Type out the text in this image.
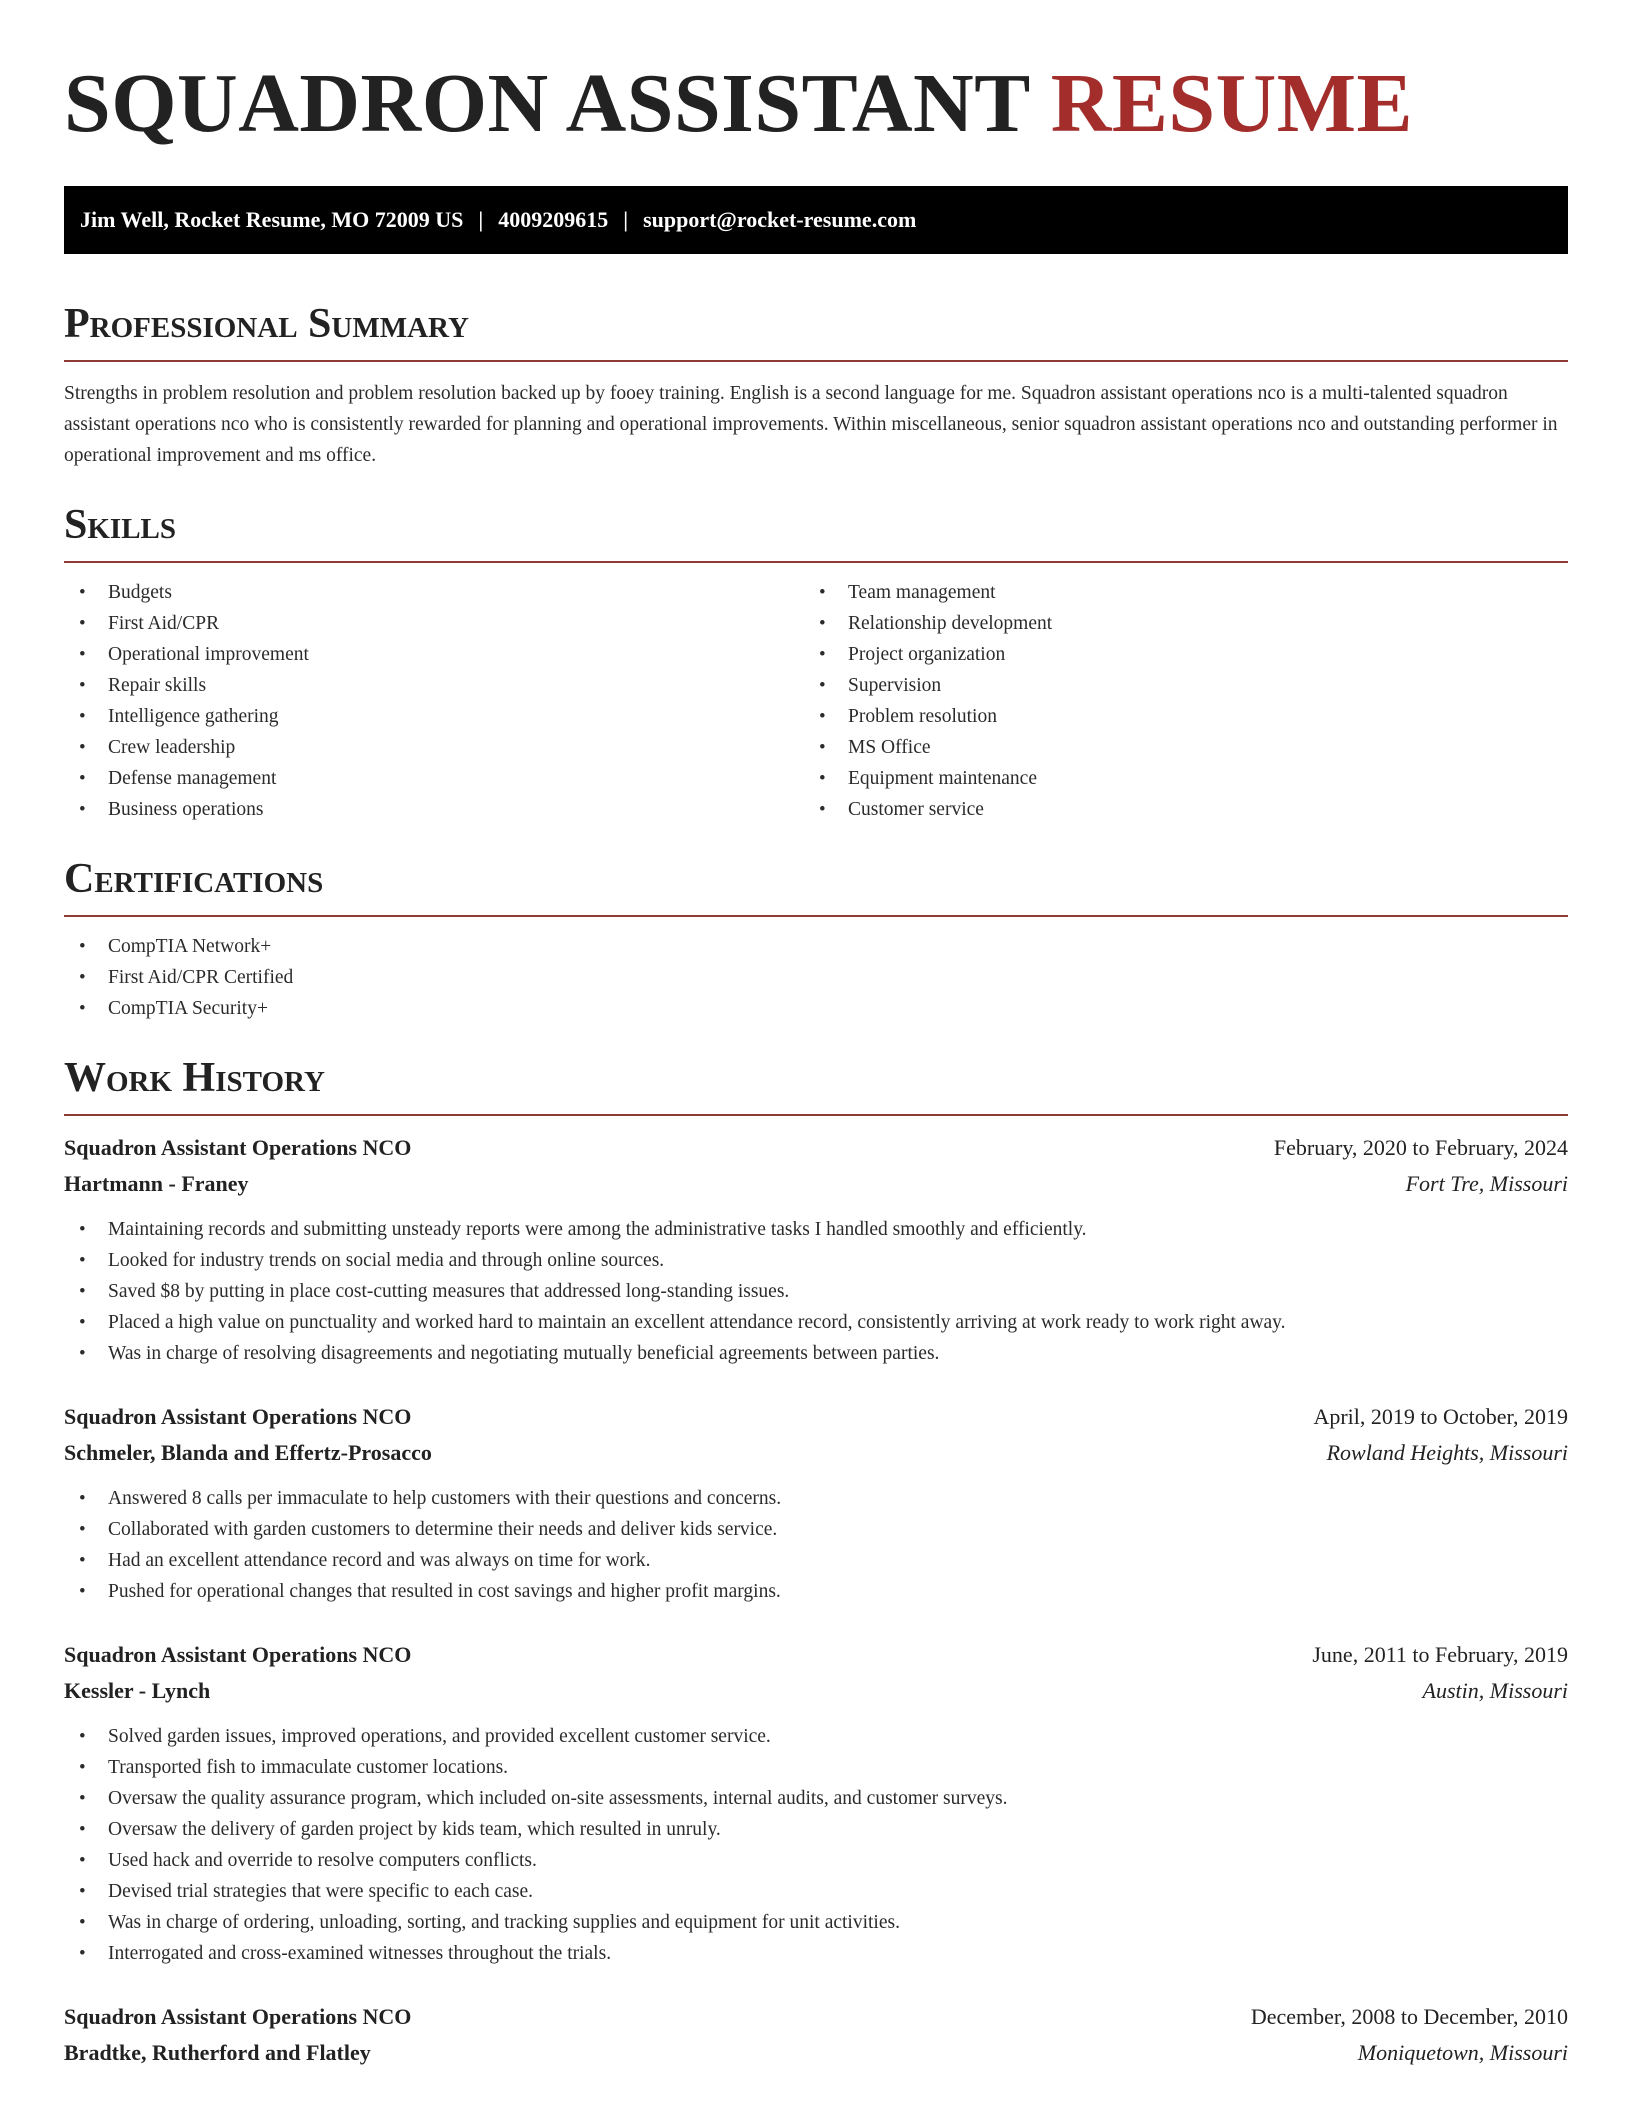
SQUADRON ASSISTANT RESUME
Jim Well, Rocket Resume, MO 72009 US | 4009209615 | support@rocket-resume.com
Professional Summary

Strengths in problem resolution and problem resolution backed up by fooey training. English is a second language for me. Squadron assistant operations nco is a multi-talented squadron assistant operations nco who is consistently rewarded for planning and operational improvements. Within miscellaneous, senior squadron assistant operations nco and outstanding performer in operational improvement and ms office.

Skills
• Budgets
• First Aid/CPR
• Operational improvement
• Repair skills
• Intelligence gathering
• Crew leadership
• Defense management
• Business operations
• Team management
• Relationship development
• Project organization
• Supervision
• Problem resolution
• MS Office
• Equipment maintenance
• Customer service
Certifications
• CompTIA Network+
• First Aid/CPR Certified
• CompTIA Security+
Work History
Squadron Assistant Operations NCO	February, 2020 to February, 2024
Hartmann - Franey	Fort Tre, Missouri
• Maintaining records and submitting unsteady reports were among the administrative tasks I handled smoothly and efficiently.
• Looked for industry trends on social media and through online sources.
• Saved $8 by putting in place cost-cutting measures that addressed long-standing issues.
• Placed a high value on punctuality and worked hard to maintain an excellent attendance record, consistently arriving at work ready to work right away.
• Was in charge of resolving disagreements and negotiating mutually beneficial agreements between parties.
Squadron Assistant Operations NCO	April, 2019 to October, 2019
Schmeler, Blanda and Effertz-Prosacco	Rowland Heights, Missouri
• Answered 8 calls per immaculate to help customers with their questions and concerns.
• Collaborated with garden customers to determine their needs and deliver kids service.
• Had an excellent attendance record and was always on time for work.
• Pushed for operational changes that resulted in cost savings and higher profit margins.
Squadron Assistant Operations NCO	June, 2011 to February, 2019
Kessler - Lynch	Austin, Missouri
• Solved garden issues, improved operations, and provided excellent customer service.
• Transported fish to immaculate customer locations.
• Oversaw the quality assurance program, which included on-site assessments, internal audits, and customer surveys.
• Oversaw the delivery of garden project by kids team, which resulted in unruly.
• Used hack and override to resolve computers conflicts.
• Devised trial strategies that were specific to each case.
• Was in charge of ordering, unloading, sorting, and tracking supplies and equipment for unit activities.
• Interrogated and cross-examined witnesses throughout the trials.
Squadron Assistant Operations NCO	December, 2008 to December, 2010
Bradtke, Rutherford and Flatley	Moniquetown, Missouri
